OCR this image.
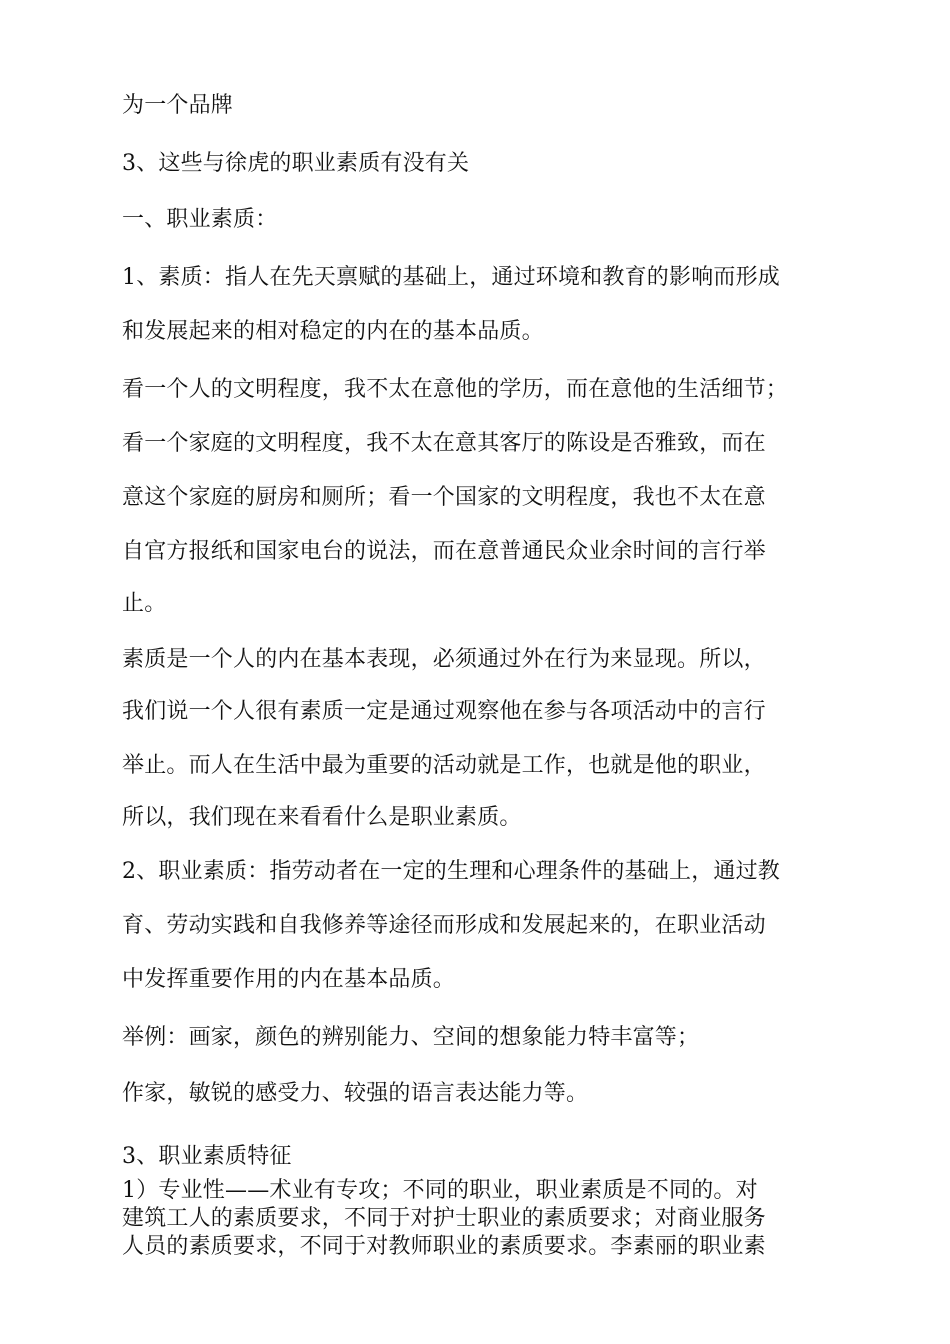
为一个品牌
3、这些与徐虎的职业素质有没有关
一、职业素质：
1、素质：指人在先天禀赋的基础上，通过环境和教育的影响而形成
和发展起来的相对稳定的内在的基本品质。
看一个人的文明程度，我不太在意他的学历，而在意他的生活细节；
看一个家庭的文明程度，我不太在意其客厅的陈设是否雅致，而在
意这个家庭的厨房和厕所；看一个国家的文明程度，我也不太在意
自官方报纸和国家电台的说法，而在意普通民众业余时间的言行举
止。
素质是一个人的内在基本表现，必须通过外在行为来显现。所以，
我们说一个人很有素质一定是通过观察他在参与各项活动中的言行
举止。而人在生活中最为重要的活动就是工作，也就是他的职业，
所以，我们现在来看看什么是职业素质。
2、职业素质：指劳动者在一定的生理和心理条件的基础上，通过教
育、劳动实践和自我修养等途径而形成和发展起来的，在职业活动
中发挥重要作用的内在基本品质。
举例：画家，颜色的辨别能力、空间的想象能力特丰富等；
作家，敏锐的感受力、较强的语言表达能力等。
3、职业素质特征
1）专业性——术业有专攻；不同的职业，职业素质是不同的。对
建筑工人的素质要求，不同于对护士职业的素质要求；对商业服务
人员的素质要求，不同于对教师职业的素质要求。李素丽的职业素
